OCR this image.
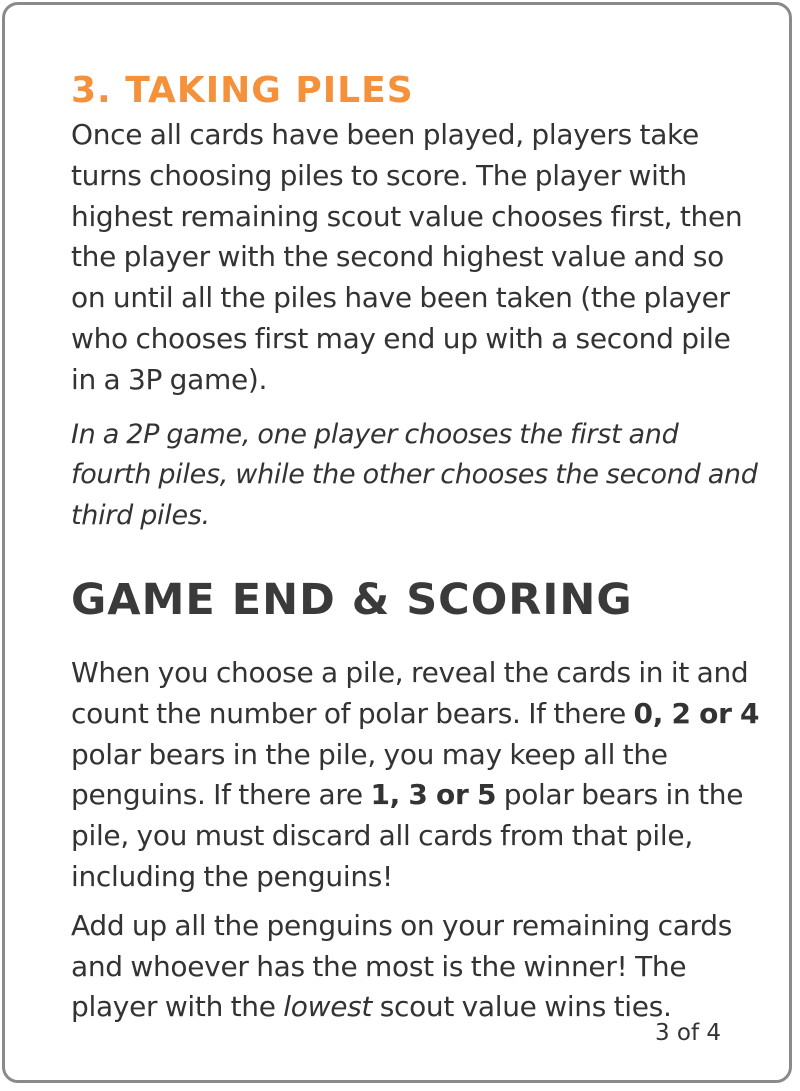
3. TAKING PILES

Once all cards have been played, players take turns choosing piles to score. The player with highest remaining scout value chooses first, then the player with the second highest value and so on until all the piles have been taken (the player who chooses first may end up with a second pile in a 3P game).

In a 2P game, one player chooses the first and fourth piles, while the other chooses the second and third piles.

GAME END & SCORING

When you choose a pile, reveal the cards in it and count the number of polar bears. If there 0, 2 or 4 polar bears in the pile, you may keep all the penguins. If there are 1, 3 or 5 polar bears in the pile, you must discard all cards from that pile, including the penguins!

Add up all the penguins on your remaining cards and whoever has the most is the winner! The player with the lowest scout value wins ties.

3 of 4
